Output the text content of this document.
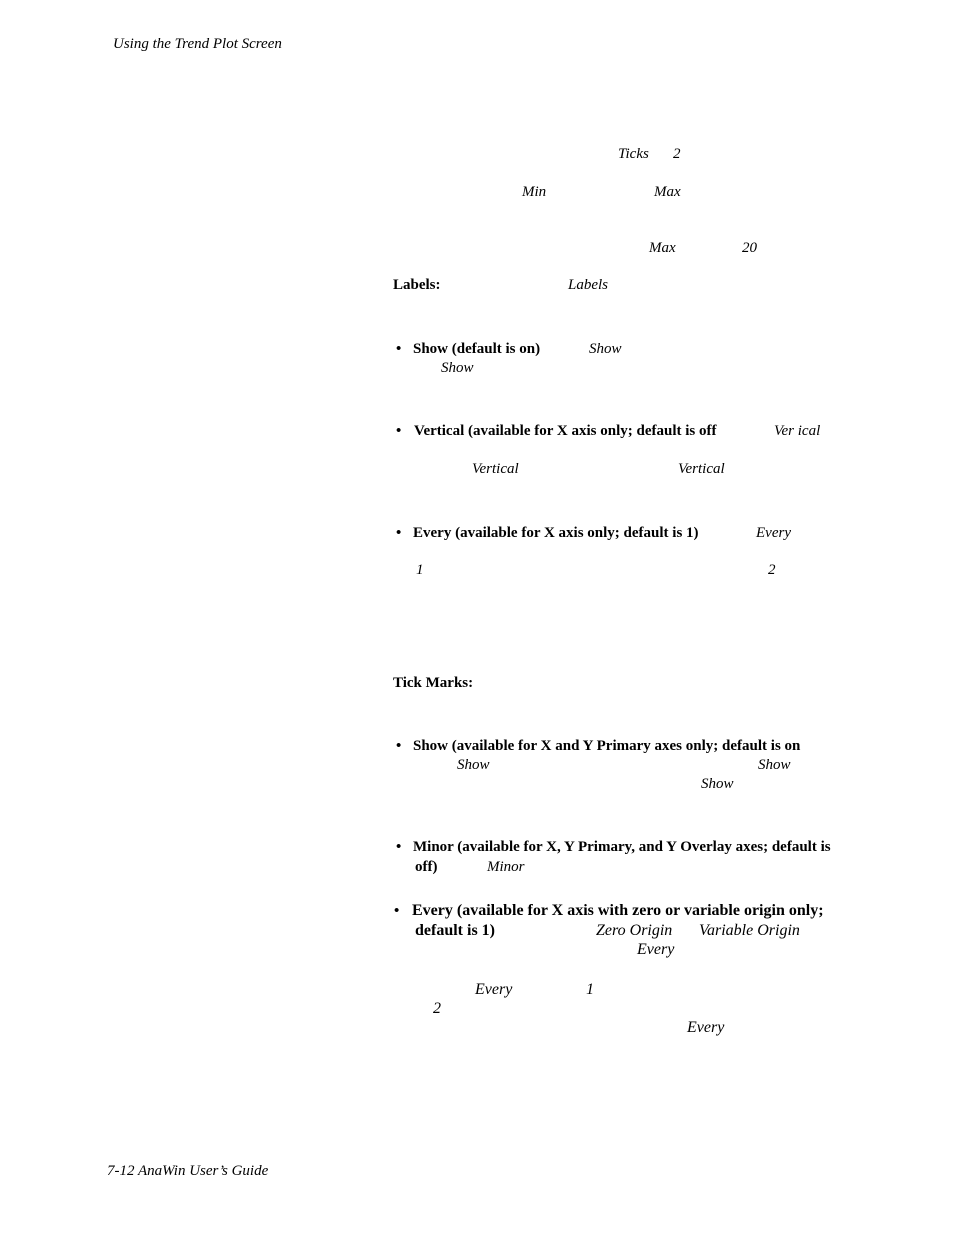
Using the Trend Plot Screen
Ticks 2
Min	Max
Max	20
Labels:	Labels
• Show (default is on)	Show
Show
• Vertical (available for X axis only; default is off	Ver ical
Vertical	Vertical
• Every (available for X axis only; default is 1)	Every
1	2
Tick Marks:
• Show (available for X and Y Primary axes only; default is on
Show	Show
Show
• Minor (available for X, Y Primary, and Y Overlay axes; default is
off)	Minor
• Every (available for X axis with zero or variable origin only;
default is 1)	Zero Origin Variable Origin
Every
Every	1
2
Every
7-12 AnaWin User’s Guide
